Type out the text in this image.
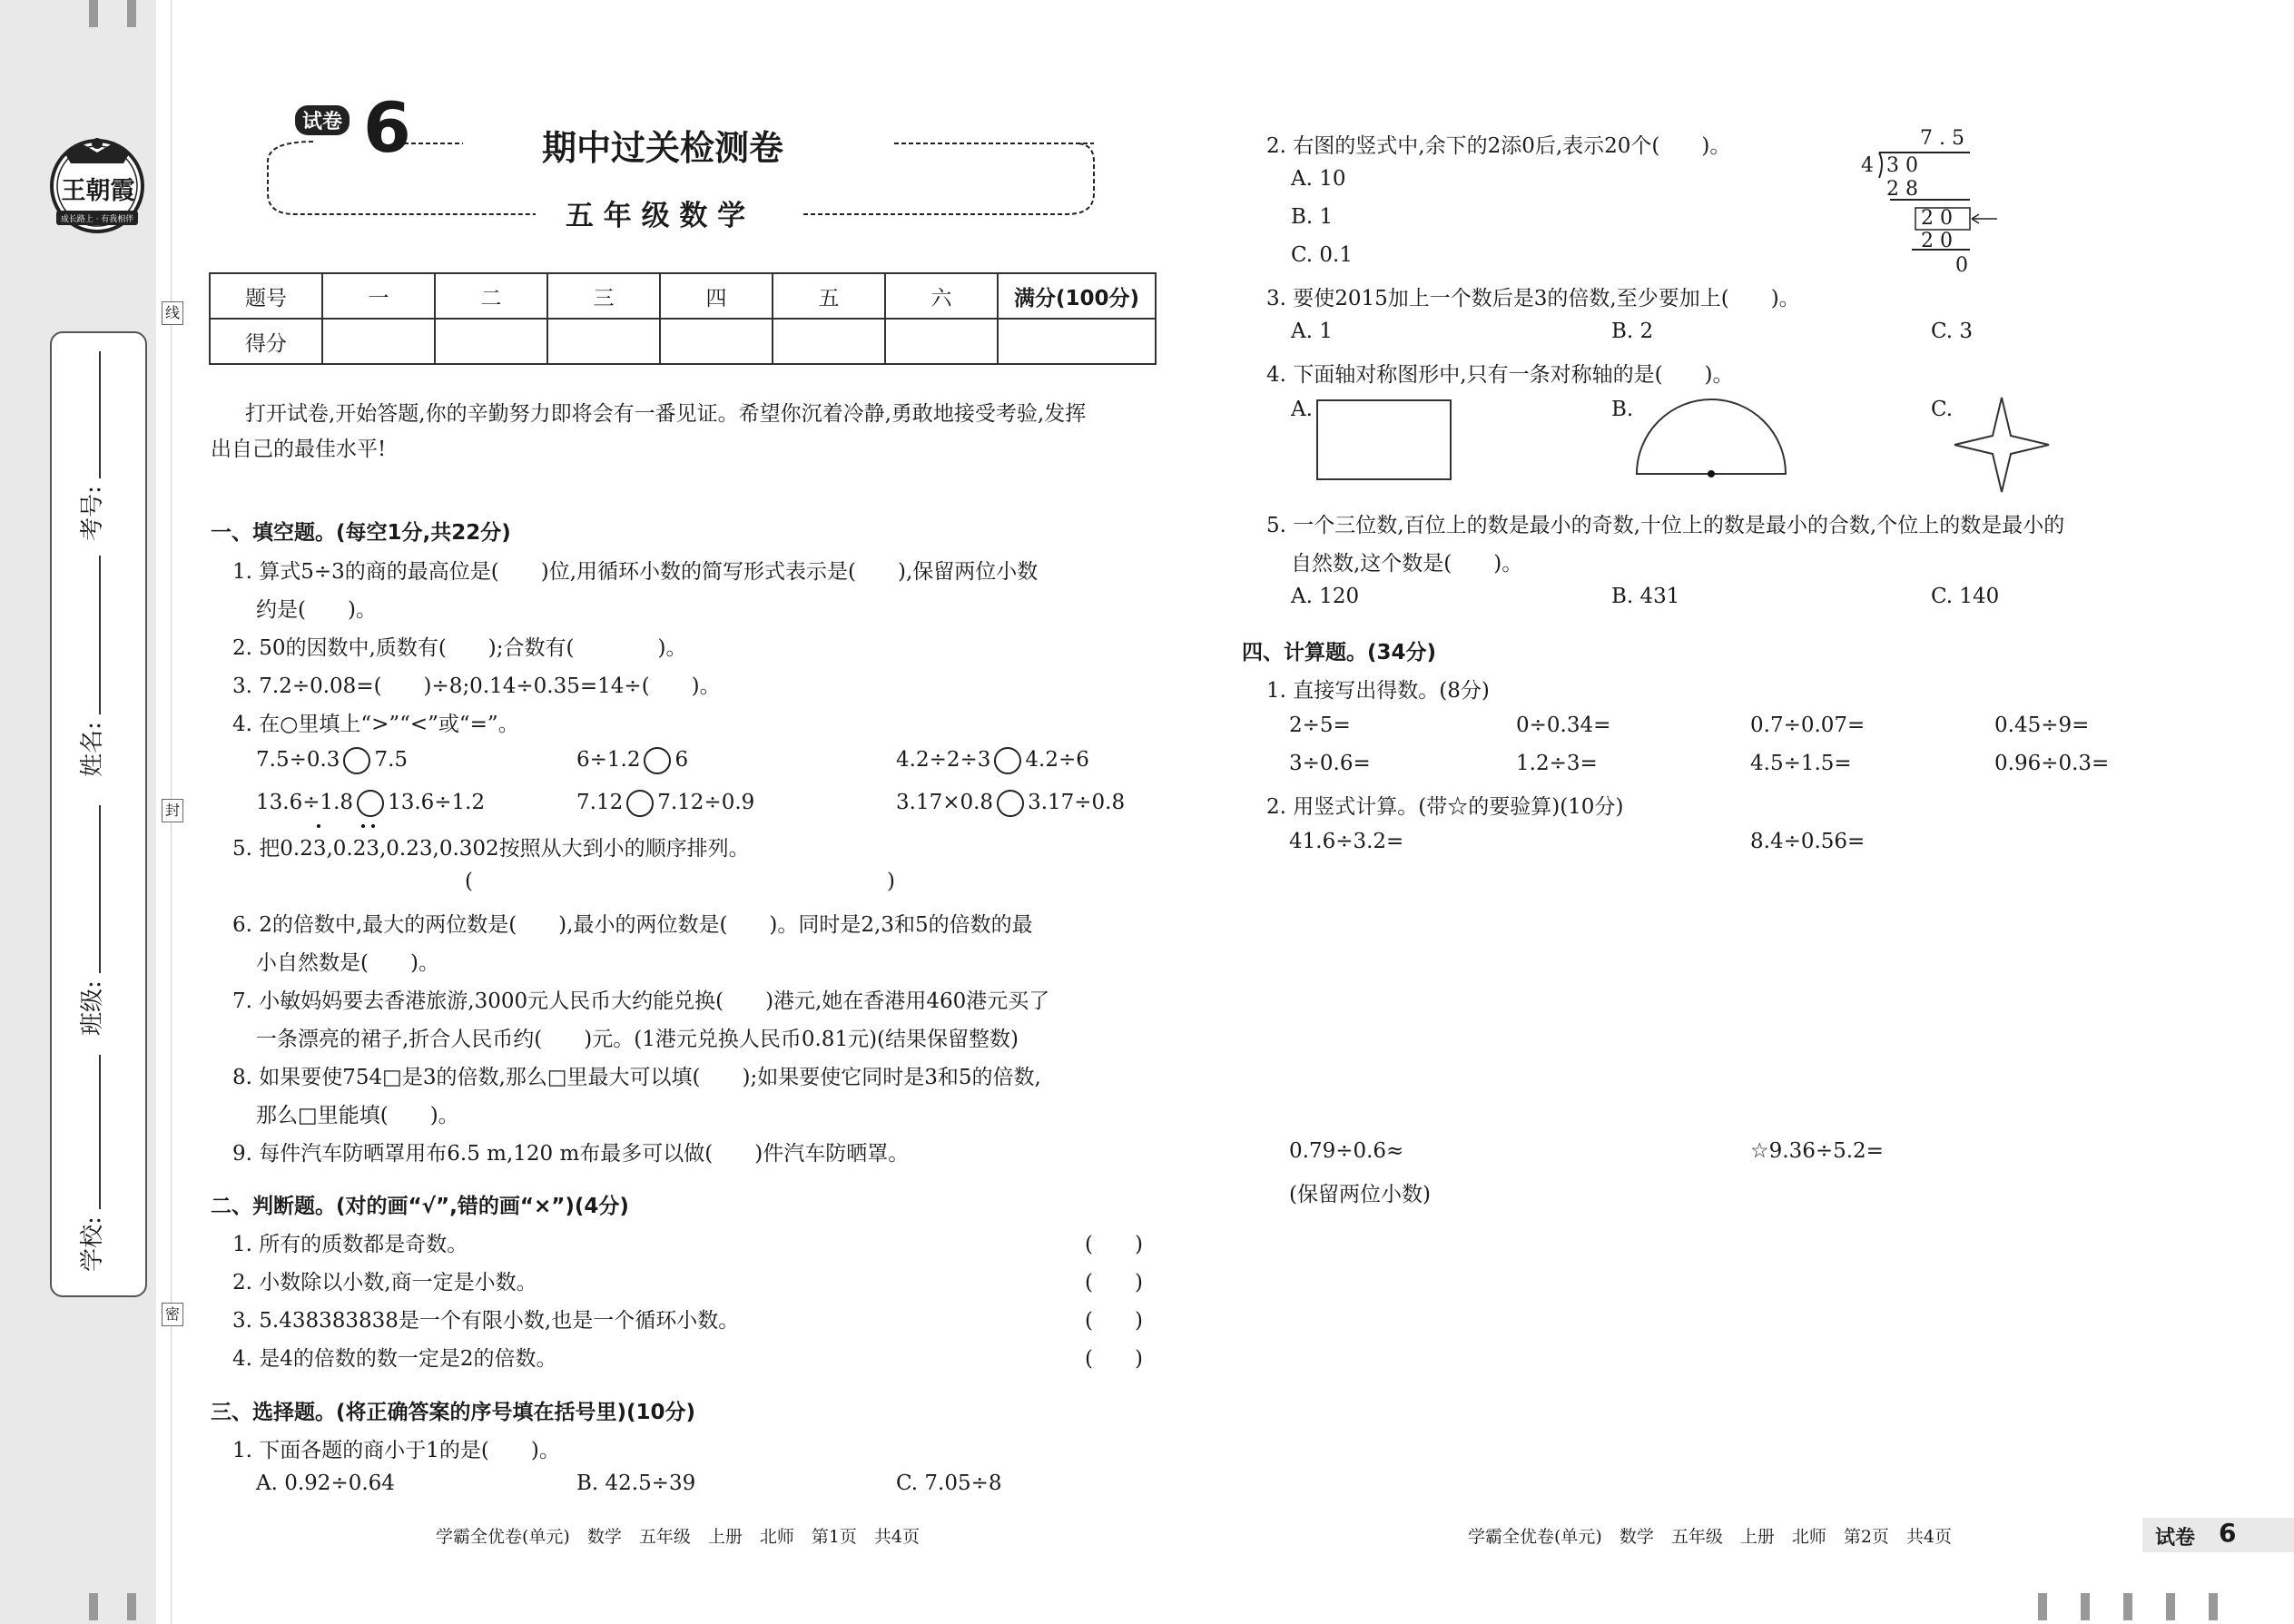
王朝霞
成长路上 · 有我相伴
考号:
姓名:
班级:
学校:
线
封
密
试卷 6	期中过关检测卷
五 年 级 数 学
题号	一	二	三	四	五	六	满分(100分)
得分							
打开试卷,开始答题,你的辛勤努力即将会有一番见证。希望你沉着冷静,勇敢地接受考验,发挥
出自己的最佳水平!
一、填空题。(每空1分,共22分)
1. 算式5÷3的商的最高位是(　　)位,用循环小数的简写形式表示是(　　),保留两位小数
约是(　　)。
2. 50的因数中,质数有(　　);合数有(　　　　)。
3. 7.2÷0.08=(　　)÷8;0.14÷0.35=14÷(　　)。
4. 在○里填上“>”“<”或“=”。
7.5÷0.3 7.5	6÷1.2 6	4.2÷2÷3 4.2÷6
13.6÷1.8 13.6÷1.2	7.12 7.12÷0.9	3.17×0.8 3.17÷0.8
5. 把0.23,0.23,0.23,0.302按照从大到小的顺序排列。
(	)
6. 2的倍数中,最大的两位数是(　　),最小的两位数是(　　)。同时是2,3和5的倍数的最
小自然数是(　　)。
7. 小敏妈妈要去香港旅游,3000元人民币大约能兑换(　　)港元,她在香港用460港元买了
一条漂亮的裙子,折合人民币约(　　)元。(1港元兑换人民币0.81元)(结果保留整数)
8. 如果要使754□是3的倍数,那么□里最大可以填(　　);如果要使它同时是3和5的倍数,
那么□里能填(　　)。
9. 每件汽车防晒罩用布6.5 m,120 m布最多可以做(　　)件汽车防晒罩。
二、判断题。(对的画“√”,错的画“×”)(4分)
1. 所有的质数都是奇数。
2. 小数除以小数,商一定是小数。
3. 5.438383838是一个有限小数,也是一个循环小数。
4. 是4的倍数的数一定是2的倍数。
(　　)
(　　)
(　　)
(　　)
三、选择题。(将正确答案的序号填在括号里)(10分)
1. 下面各题的商小于1的是(　　)。
A. 0.92÷0.64	B. 42.5÷39	C. 7.05÷8
学霸全优卷(单元)　数学　五年级　上册　北师　第1页　共4页
2. 右图的竖式中,余下的2添0后,表示20个(　　)。
A. 10
B. 1
C. 0.1
7 . 5
4 3 0
2 8
2 0
2 0
0
3. 要使2015加上一个数后是3的倍数,至少要加上(　　)。
A. 1	B. 2	C. 3
4. 下面轴对称图形中,只有一条对称轴的是(　　)。
A.	B.	C.
5. 一个三位数,百位上的数是最小的奇数,十位上的数是最小的合数,个位上的数是最小的
自然数,这个数是(　　)。
A. 120	B. 431	C. 140
四、计算题。(34分)
1. 直接写出得数。(8分)
2÷5=	0÷0.34=	0.7÷0.07=	0.45÷9=
3÷0.6=	1.2÷3=	4.5÷1.5=	0.96÷0.3=
2. 用竖式计算。(带☆的要验算)(10分)
41.6÷3.2=	8.4÷0.56=
0.79÷0.6≈	☆9.36÷5.2=
(保留两位小数)
学霸全优卷(单元)　数学　五年级　上册　北师　第2页　共4页	试卷 6
